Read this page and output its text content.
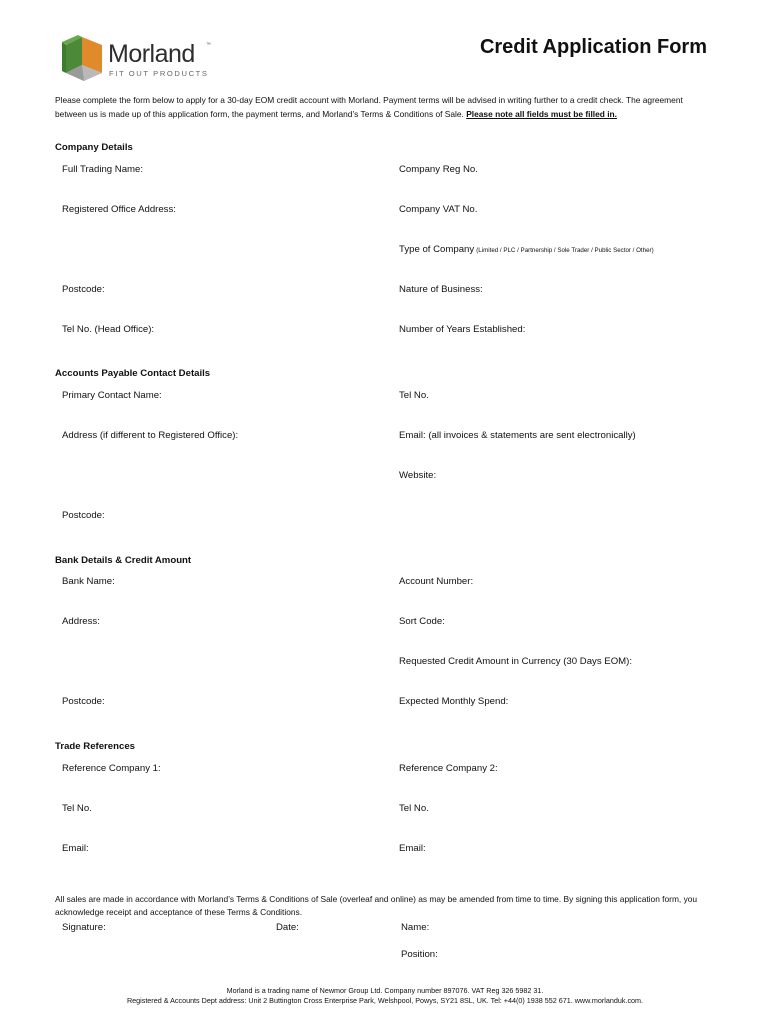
Morland ™
FIT OUT PRODUCTS
Credit Application Form
Please complete the form below to apply for a 30-day EOM credit account with Morland. Payment terms will be advised in writing further to a credit check. The agreement between us is made up of this application form, the payment terms, and Morland’s Terms & Conditions of Sale. Please note all fields must be filled in.
Company Details
Full Trading Name:	Company Reg No.
Registered Office Address:	Company VAT No.
Type of Company (Limited / PLC / Partnership / Sole Trader / Public Sector / Other)
Postcode:	Nature of Business:
Tel No. (Head Office):	Number of Years Established:
Accounts Payable Contact Details
Primary Contact Name:	Tel No.
Address (if different to Registered Office):	Email: (all invoices & statements are sent electronically)
Website:
Postcode:
Bank Details & Credit Amount
Bank Name:	Account Number:
Address:	Sort Code:
Requested Credit Amount in Currency (30 Days EOM):
Postcode:	Expected Monthly Spend:
Trade References
Reference Company 1:	Reference Company 2:
Tel No.	Tel No.
Email:	Email:
All sales are made in accordance with Morland’s Terms & Conditions of Sale (overleaf and online) as may be amended from time to time. By signing this application form, you acknowledge receipt and acceptance of these Terms & Conditions.
Signature:	Date:	Name:
Position:
Morland is a trading name of Newmor Group Ltd. Company number 897076. VAT Reg 326 5982 31.
Registered & Accounts Dept address: Unit 2 Buttington Cross Enterprise Park, Welshpool, Powys, SY21 8SL, UK. Tel: +44(0) 1938 552 671. www.morlanduk.com.
